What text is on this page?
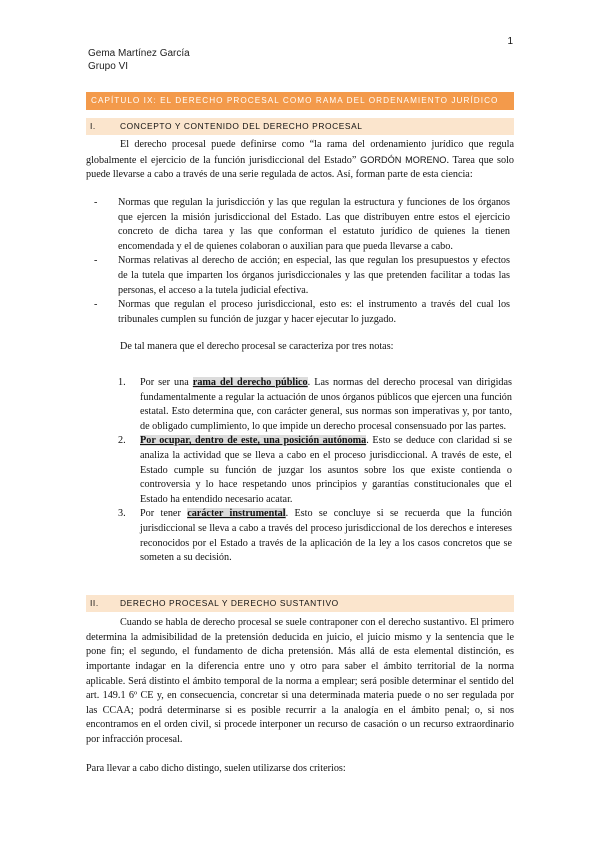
1
Gema Martínez García
Grupo VI
CAPÍTULO IX: EL DERECHO PROCESAL COMO RAMA DEL ORDENAMIENTO JURÍDICO
I.	CONCEPTO Y CONTENIDO DEL DERECHO PROCESAL

El derecho procesal puede definirse como “la rama del ordenamiento jurídico que regula globalmente el ejercicio de la función jurisdiccional del Estado” GORDÓN MORENO. Tarea que solo puede llevarse a cabo a través de una serie regulada de actos. Así, forman parte de esta ciencia:

- Normas que regulan la jurisdicción y las que regulan la estructura y funciones de los órganos que ejercen la misión jurisdiccional del Estado. Las que distribuyen entre estos el ejercicio concreto de dicha tarea y las que conforman el estatuto jurídico de quienes la tienen encomendada y el de quienes colaboran o auxilian para que pueda llevarse a cabo.
- Normas relativas al derecho de acción; en especial, las que regulan los presupuestos y efectos de la tutela que imparten los órganos jurisdiccionales y las que pretenden facilitar a todas las personas, el acceso a la tutela judicial efectiva.
- Normas que regulan el proceso jurisdiccional, esto es: el instrumento a través del cual los tribunales cumplen su función de juzgar y hacer ejecutar lo juzgado.

De tal manera que el derecho procesal se caracteriza por tres notas:

1. Por ser una rama del derecho público. Las normas del derecho procesal van dirigidas fundamentalmente a regular la actuación de unos órganos públicos que ejercen una función estatal. Esto determina que, con carácter general, sus normas son imperativas y, por tanto, de obligado cumplimiento, lo que impide un derecho procesal consensuado por las partes.
2. Por ocupar, dentro de este, una posición autónoma. Esto se deduce con claridad si se analiza la actividad que se lleva a cabo en el proceso jurisdiccional. A través de este, el Estado cumple su función de juzgar los asuntos sobre los que existe contienda o controversia y lo hace respetando unos principios y garantías constitucionales que el Estado ha entendido necesario acatar.
3. Por tener carácter instrumental. Esto se concluye si se recuerda que la función jurisdiccional se lleva a cabo a través del proceso jurisdiccional de los derechos e intereses reconocidos por el Estado a través de la aplicación de la ley a los casos concretos que se someten a su decisión.
II.	DERECHO PROCESAL Y DERECHO SUSTANTIVO

Cuando se habla de derecho procesal se suele contraponer con el derecho sustantivo. El primero determina la admisibilidad de la pretensión deducida en juicio, el juicio mismo y la sentencia que le pone fin; el segundo, el fundamento de dicha pretensión. Más allá de esta elemental distinción, es importante indagar en la diferencia entre uno y otro para saber el ámbito territorial de la norma aplicable. Será distinto el ámbito temporal de la norma a emplear; será posible determinar el sentido del art. 149.1 6º CE y, en consecuencia, concretar si una determinada materia puede o no ser regulada por las CCAA; podrá determinarse si es posible recurrir a la analogía en el ámbito penal; o, si nos encontramos en el orden civil, si procede interponer un recurso de casación o un recurso extraordinario por infracción procesal.

Para llevar a cabo dicho distingo, suelen utilizarse dos criterios:
